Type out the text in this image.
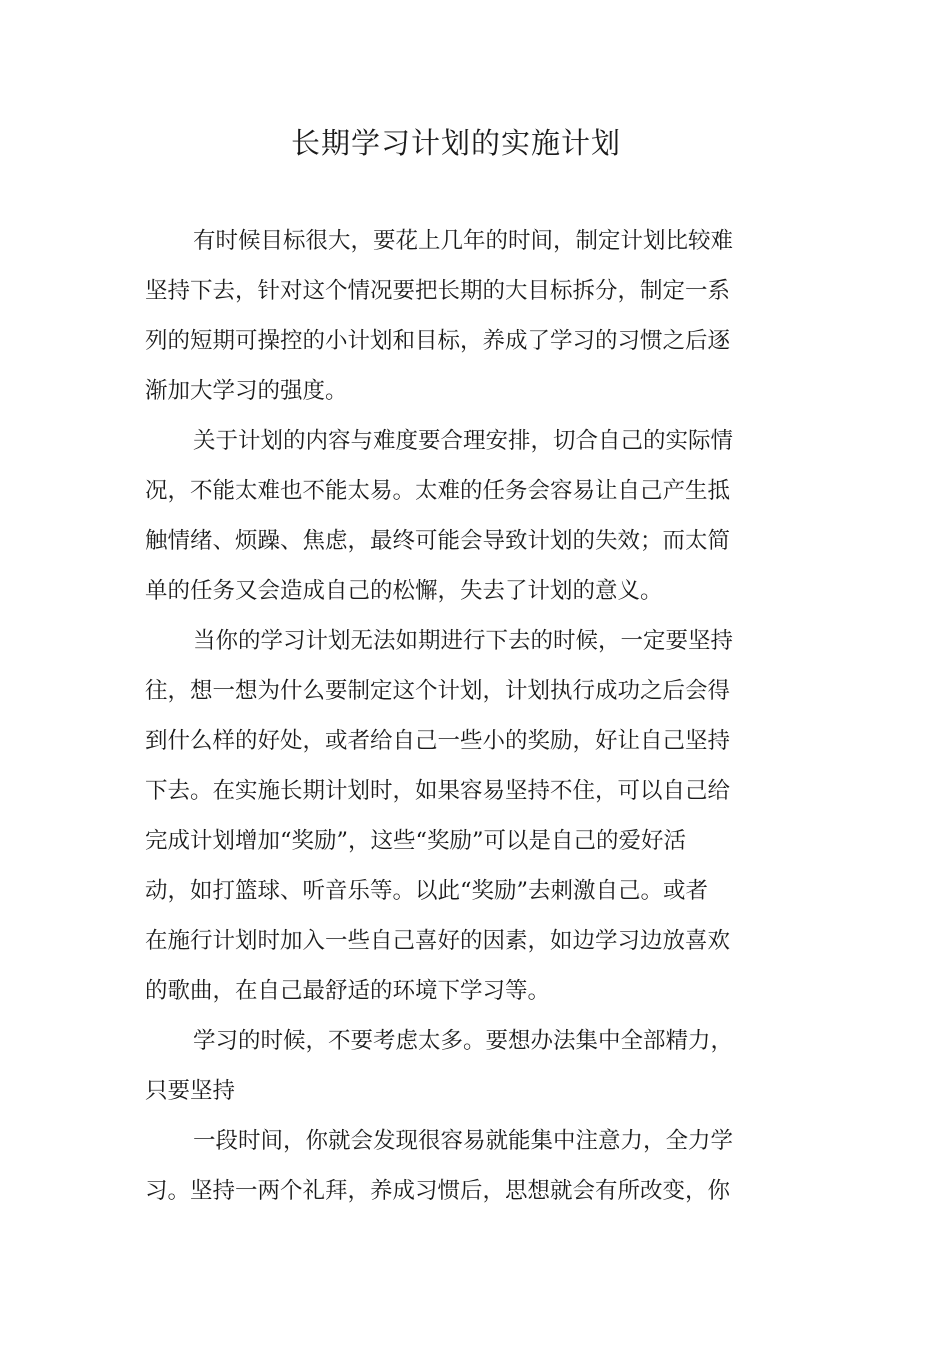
长期学习计划的实施计划

有时候目标很大，要花上几年的时间，制定计划比较难

坚持下去，针对这个情况要把长期的大目标拆分，制定一系

列的短期可操控的小计划和目标，养成了学习的习惯之后逐

渐加大学习的强度。

关于计划的内容与难度要合理安排，切合自己的实际情

况，不能太难也不能太易。太难的任务会容易让自己产生抵

触情绪、烦躁、焦虑，最终可能会导致计划的失效；而太简

单的任务又会造成自己的松懈，失去了计划的意义。

当你的学习计划无法如期进行下去的时候，一定要坚持

往，想一想为什么要制定这个计划，计划执行成功之后会得

到什么样的好处，或者给自己一些小的奖励，好让自己坚持

下去。在实施长期计划时，如果容易坚持不住，可以自己给

完成计划增加“奖励”，这些“奖励”可以是自己的爱好活

动，如打篮球、听音乐等。以此“奖励”去刺激自己。或者

在施行计划时加入一些自己喜好的因素，如边学习边放喜欢

的歌曲，在自己最舒适的环境下学习等。

学习的时候，不要考虑太多。要想办法集中全部精力，

只要坚持

一段时间，你就会发现很容易就能集中注意力，全力学

习。坚持一两个礼拜，养成习惯后，思想就会有所改变，你
